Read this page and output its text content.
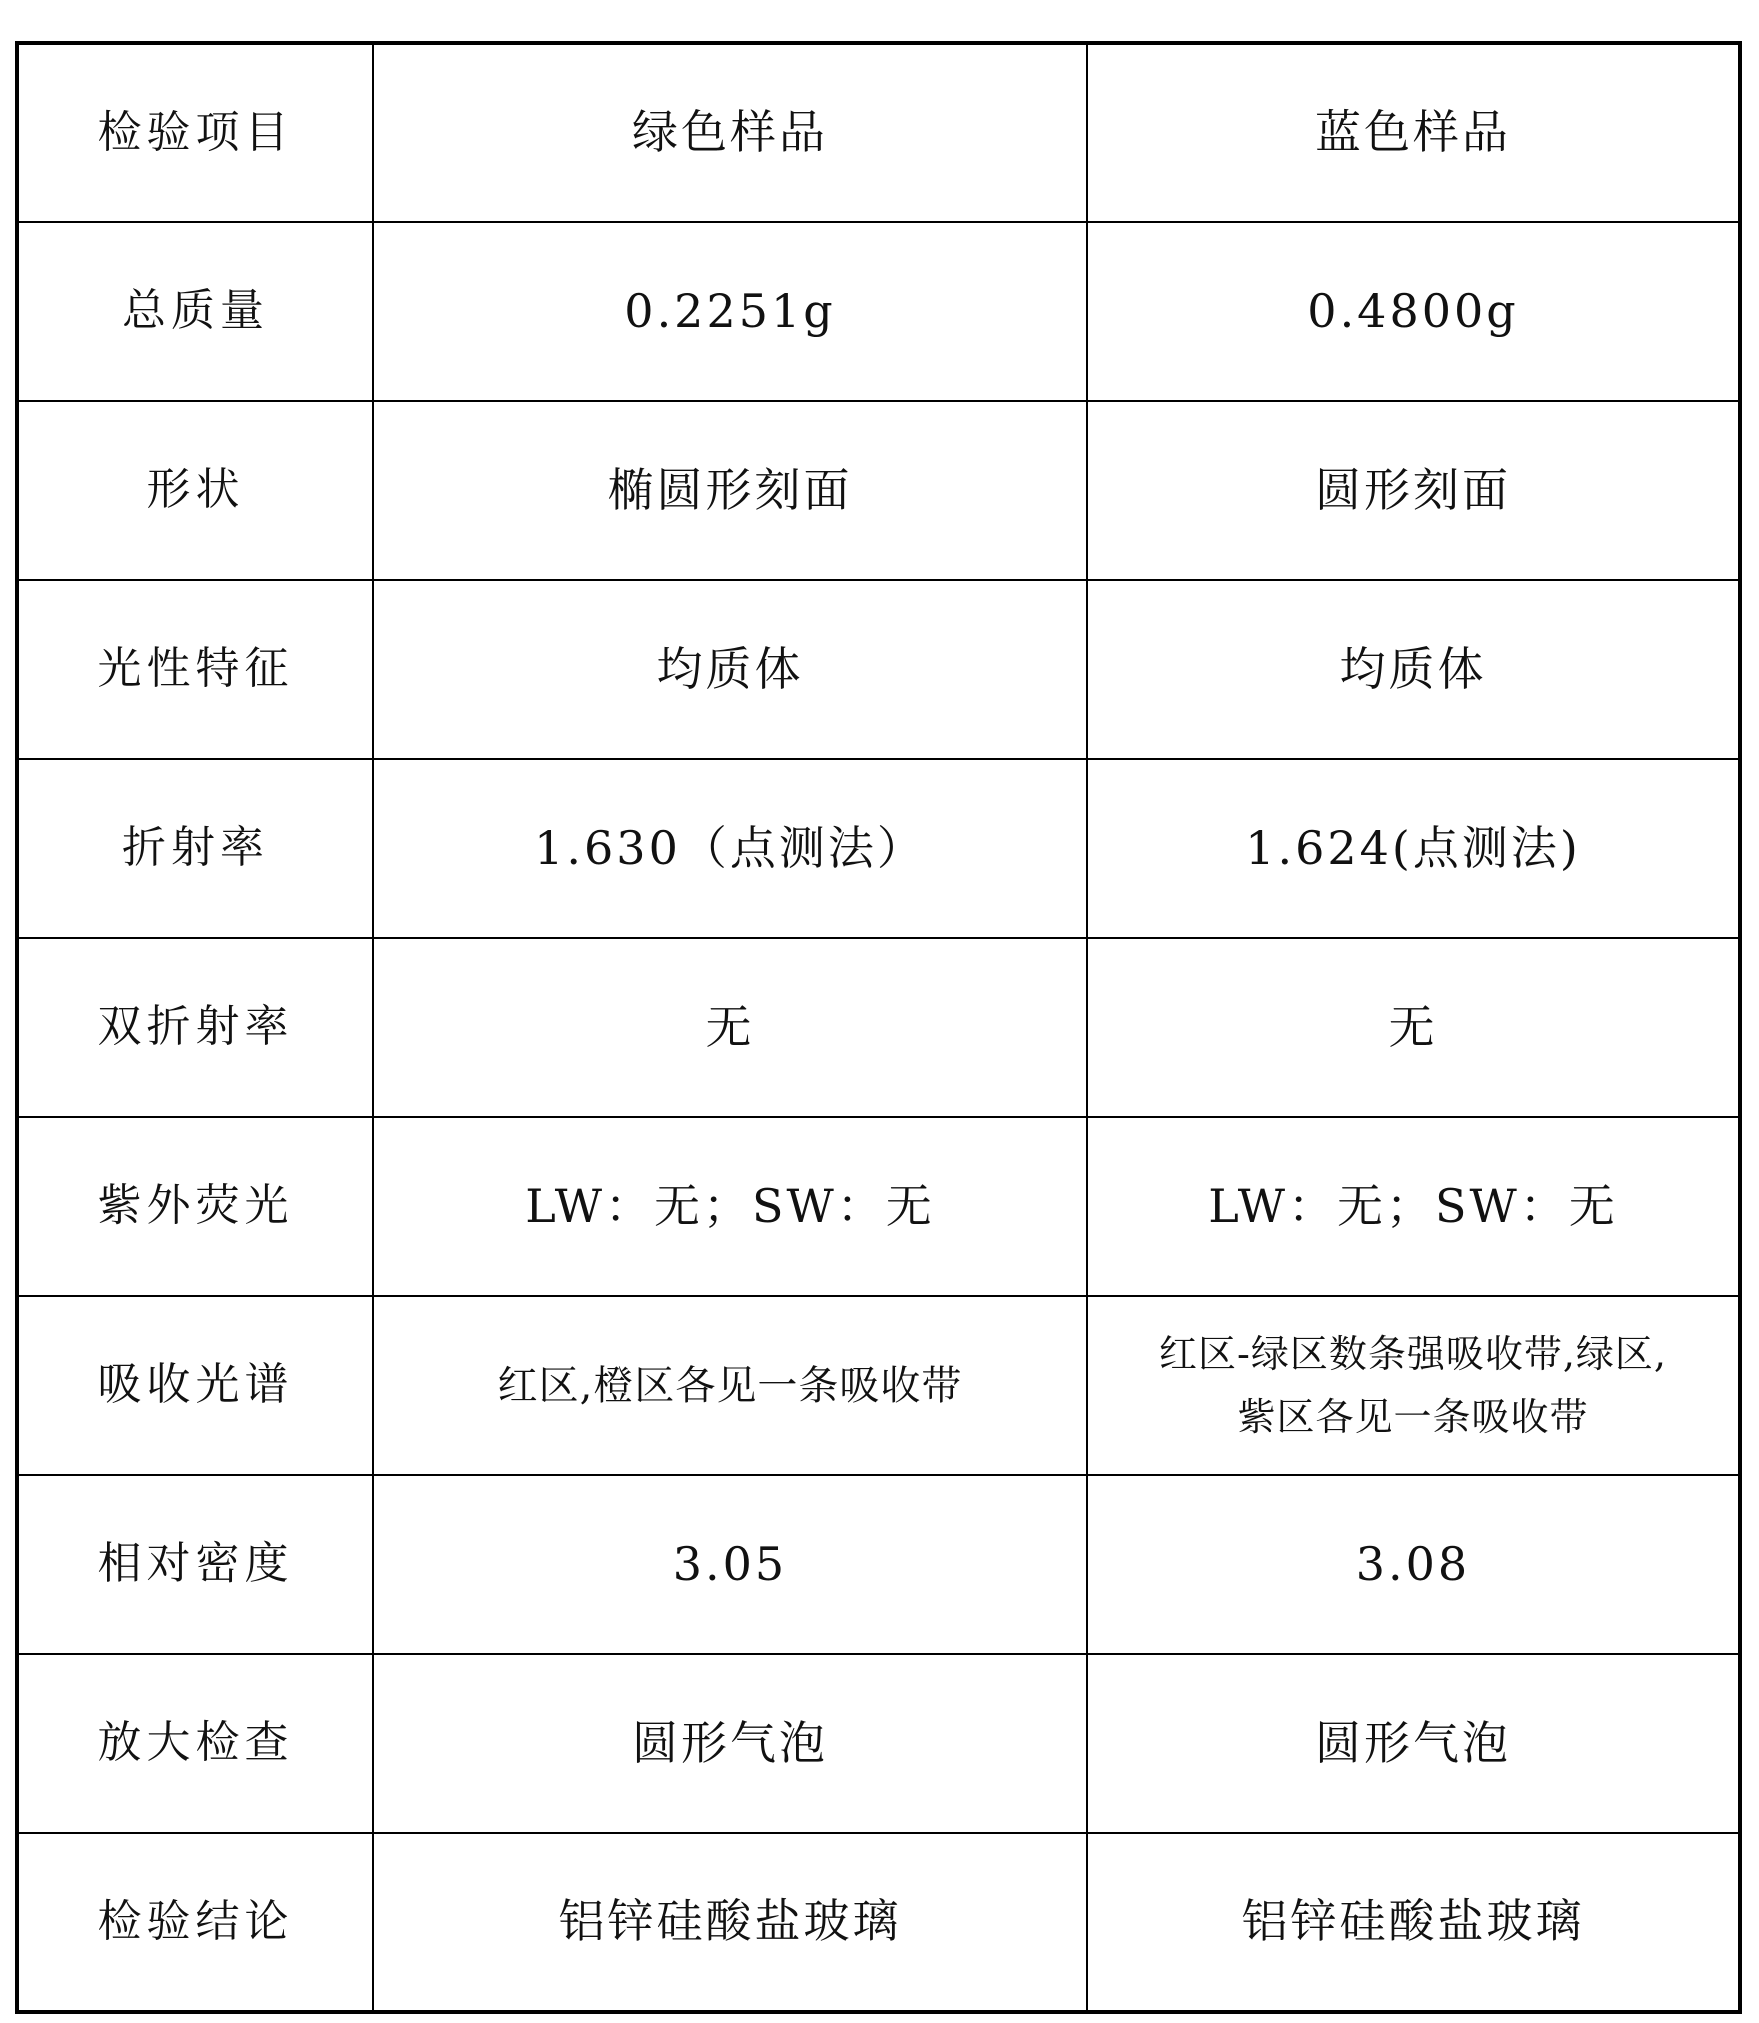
检验项目	绿色样品	蓝色样品
总质量	0.2251g	0.4800g
形状	椭圆形刻面	圆形刻面
光性特征	均质体	均质体
折射率	1.630（点测法）	1.624(点测法)
双折射率	无	无
紫外荧光	LW：无；SW：无	LW：无；SW：无
吸收光谱	红区,橙区各见一条吸收带	红区-绿区数条强吸收带,绿区,
紫区各见一条吸收带

相对密度	3.05	3.08
放大检查	圆形气泡	圆形气泡
检验结论	铝锌硅酸盐玻璃	铝锌硅酸盐玻璃
